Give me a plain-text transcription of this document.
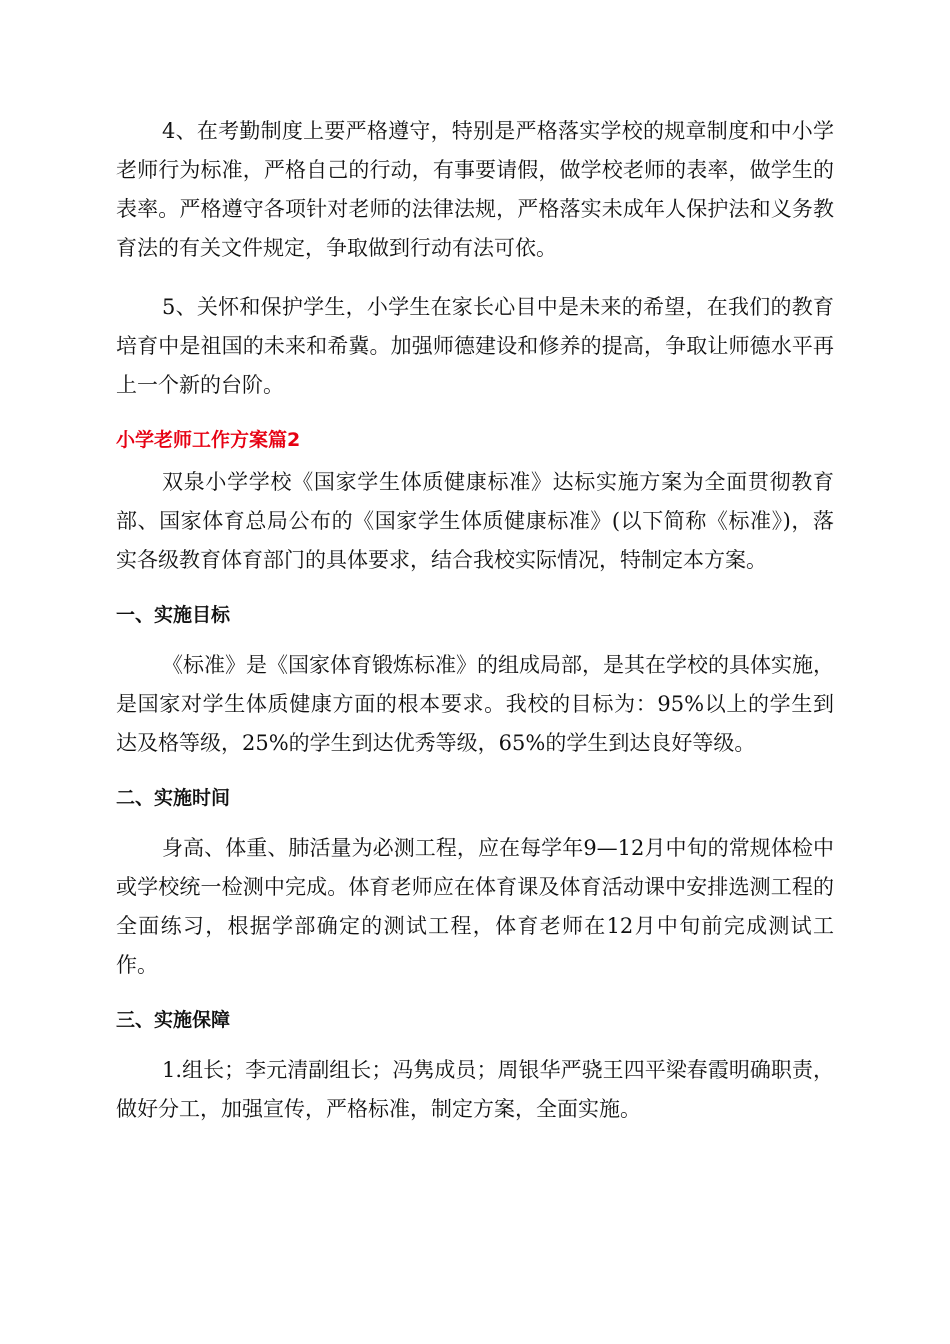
4、在考勤制度上要严格遵守，特别是严格落实学校的规章制度和中小学老师行为标准，严格自己的行动，有事要请假，做学校老师的表率，做学生的表率。严格遵守各项针对老师的法律法规，严格落实未成年人保护法和义务教育法的有关文件规定，争取做到行动有法可依。

5、关怀和保护学生，小学生在家长心目中是未来的希望，在我们的教育培育中是祖国的未来和希冀。加强师德建设和修养的提高，争取让师德水平再上一个新的台阶。

小学老师工作方案篇2

双泉小学学校《国家学生体质健康标准》达标实施方案为全面贯彻教育部、国家体育总局公布的《国家学生体质健康标准》(以下简称《标准》)，落实各级教育体育部门的具体要求，结合我校实际情况，特制定本方案。

一、实施目标

《标准》是《国家体育锻炼标准》的组成局部，是其在学校的具体实施，是国家对学生体质健康方面的根本要求。我校的目标为：95%以上的学生到达及格等级，25%的学生到达优秀等级，65%的学生到达良好等级。

二、实施时间

身高、体重、肺活量为必测工程，应在每学年9—12月中旬的常规体检中或学校统一检测中完成。体育老师应在体育课及体育活动课中安排选测工程的全面练习，根据学部确定的测试工程，体育老师在12月中旬前完成测试工作。

三、实施保障

1.组长；李元清副组长；冯隽成员；周银华严骁王四平梁春霞明确职责，做好分工，加强宣传，严格标准，制定方案，全面实施。
